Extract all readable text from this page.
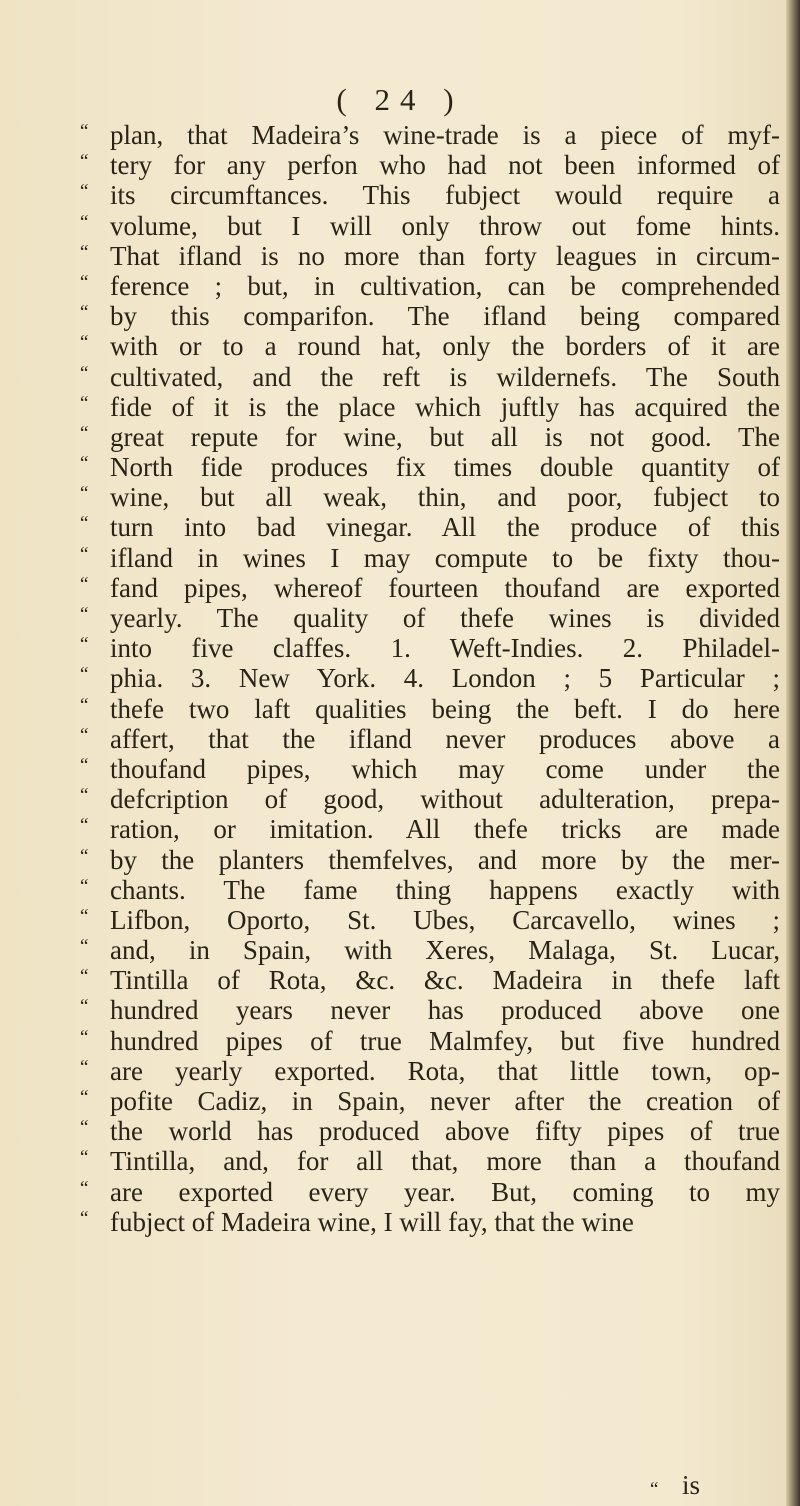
( 24 )
“ plan, that Madeira’s wine-trade is a piece of myf-
“ tery for any perfon who had not been informed of
“ its circumftances. This fubject would require a
“ volume, but I will only throw out fome hints.
“ That ifland is no more than forty leagues in circum-
“ ference ; but, in cultivation, can be comprehended
“ by this comparifon. The ifland being compared
“ with or to a round hat, only the borders of it are
“ cultivated, and the reft is wildernefs. The South
“ fide of it is the place which juftly has acquired the
“ great repute for wine, but all is not good. The
“ North fide produces fix times double quantity of
“ wine, but all weak, thin, and poor, fubject to
“ turn into bad vinegar. All the produce of this
“ ifland in wines I may compute to be fixty thou-
“ fand pipes, whereof fourteen thoufand are exported
“ yearly. The quality of thefe wines is divided
“ into five claffes. 1. Weft-Indies. 2. Philadel-
“ phia. 3. New York. 4. London ; 5 Particular ;
“ thefe two laft qualities being the beft. I do here
“ affert, that the ifland never produces above a
“ thoufand pipes, which may come under the
“ defcription of good, without adulteration, prepa-
“ ration, or imitation. All thefe tricks are made
“ by the planters themfelves, and more by the mer-
“ chants. The fame thing happens exactly with
“ Lifbon, Oporto, St. Ubes, Carcavello, wines ;
“ and, in Spain, with Xeres, Malaga, St. Lucar,
“ Tintilla of Rota, &c. &c. Madeira in thefe laft
“ hundred years never has produced above one
“ hundred pipes of true Malmfey, but five hundred
“ are yearly exported. Rota, that little town, op-
“ pofite Cadiz, in Spain, never after the creation of
“ the world has produced above fifty pipes of true
“ Tintilla, and, for all that, more than a thoufand
“ are exported every year. But, coming to my
“ fubject of Madeira wine, I will fay, that the wine
“ is
